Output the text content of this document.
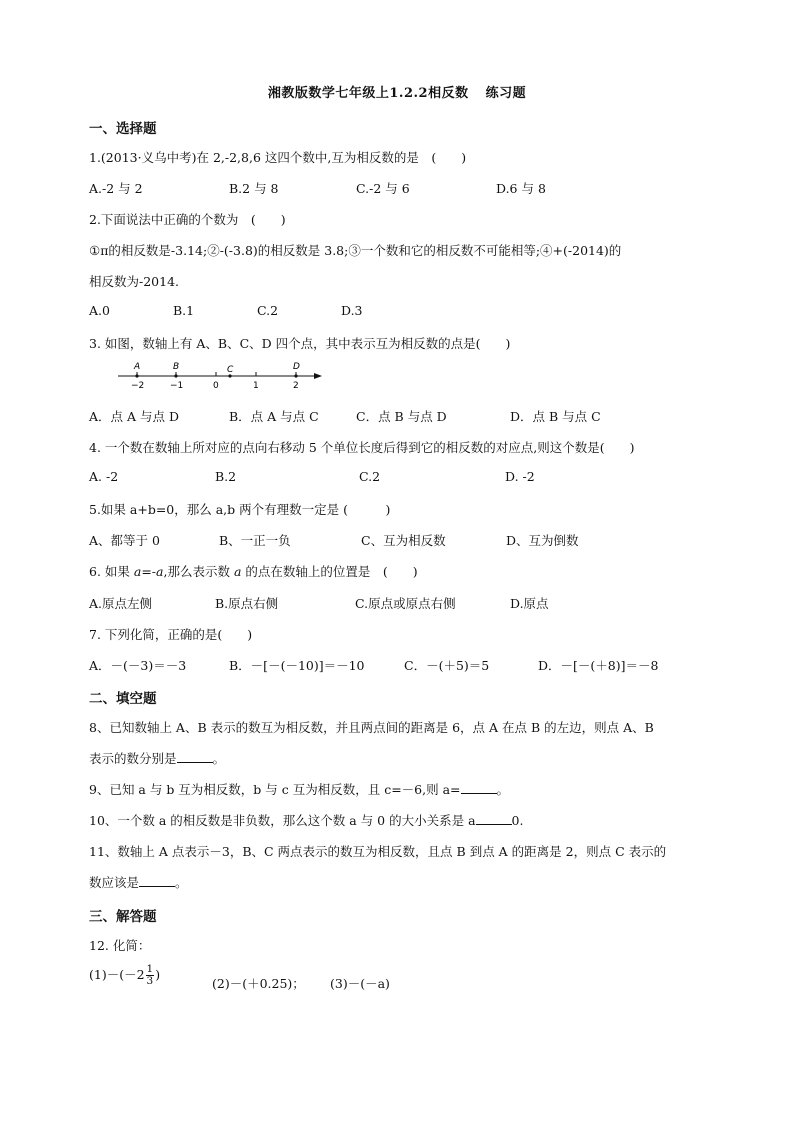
湘教版数学七年级上1.2.2相反数 练习题
一、选择题
1.(2013·义乌中考)在 2,-2,8,6 这四个数中,互为相反数的是　(　　)
A.-2 与 2	B.2 与 8	C.-2 与 6	D.6 与 8
2.下面说法中正确的个数为　(　　)
①π的相反数是-3.14;②-(-3.8)的相反数是 3.8;③一个数和它的相反数不可能相等;④+(-2014)的
相反数为-2014.
A.0	B.1	C.2	D.3
3. 如图，数轴上有 A、B、C、D 四个点，其中表示互为相反数的点是(　　)
A	B	C	D
−2	−1	0	1	2
A．点 A 与点 D	B．点 A 与点 C	C．点 B 与点 D	D．点 B 与点 C
4. 一个数在数轴上所对应的点向右移动 5 个单位长度后得到它的相反数的对应点,则这个数是(　　)
A. -2	B.2	C.2	D. -2
5.如果 a+b=0，那么 a,b 两个有理数一定是 (　　　)
A、都等于 0	B、一正一负	C、互为相反数	D、互为倒数
6. 如果 a=-a,那么表示数 a 的点在数轴上的位置是　(　　)
A.原点左侧	B.原点右侧	C.原点或原点右侧	D.原点
7. 下列化简，正确的是(　　)
A．－(－3)＝－3	B．－[－(－10)]＝－10	C．－(＋5)＝5	D．－[－(＋8)]＝－8
二、填空题
8、已知数轴上 A、B 表示的数互为相反数，并且两点间的距离是 6，点 A 在点 B 的左边，则点 A、B
表示的数分别是	。
9、已知 a 与 b 互为相反数，b 与 c 互为相反数，且 c=－6,则 a=	。
10、一个数 a 的相反数是非负数，那么这个数 a 与 0 的大小关系是 a	0.
11、数轴上 A 点表示－3，B、C 两点表示的数互为相反数，且点 B 到点 A 的距离是 2，则点 C 表示的
数应该是	。
三、解答题
12. 化简：
$(1)-(-2 \frac{1}{3}$ )
(2)－(＋0.25)； (3)－(－a)
